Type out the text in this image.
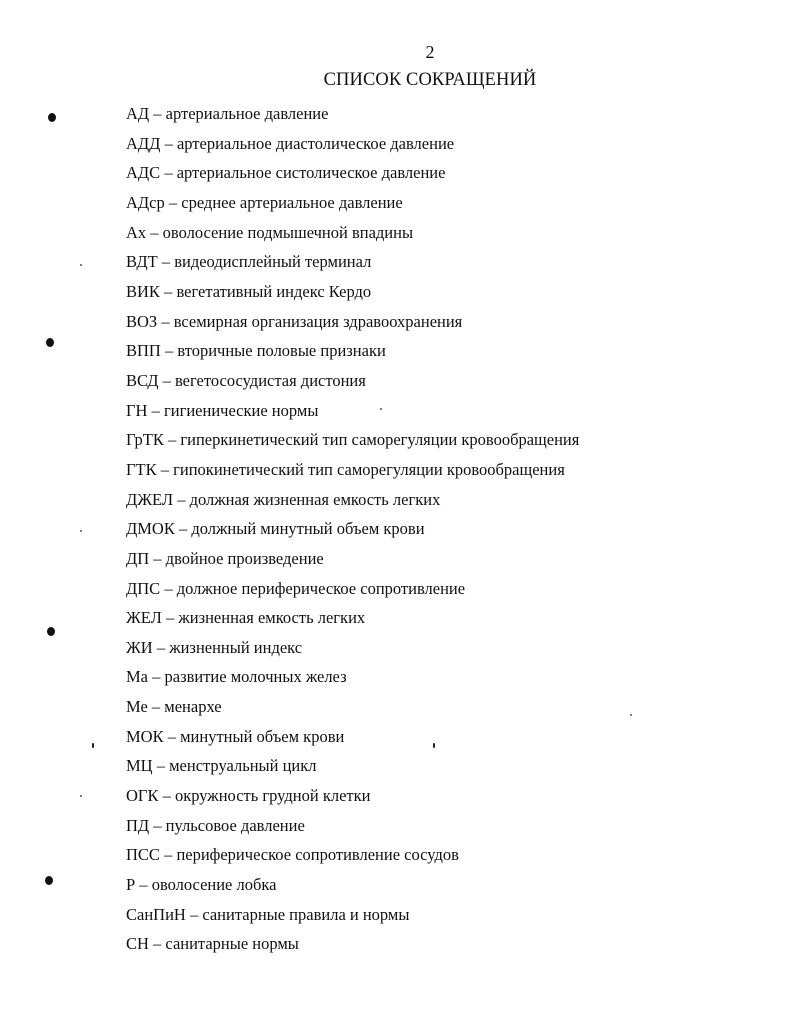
2
СПИСОК СОКРАЩЕНИЙ
АД – артериальное давление
АДД – артериальное диастолическое давление
АДС – артериальное систолическое давление
АДср – среднее артериальное давление
Ах – оволосение подмышечной впадины
ВДТ – видеодисплейный терминал
ВИК – вегетативный индекс Кердо
ВОЗ – всемирная организация здравоохранения
ВПП – вторичные половые признаки
ВСД – вегетососудистая дистония
ГН – гигиенические нормы
ГрТК – гиперкинетический тип саморегуляции кровообращения
ГТК – гипокинетический тип саморегуляции кровообращения
ДЖЕЛ – должная жизненная емкость легких
ДМОК – должный минутный объем крови
ДП – двойное произведение
ДПС – должное периферическое сопротивление
ЖЕЛ – жизненная емкость легких
ЖИ – жизненный индекс
Ма – развитие молочных желез
Ме – менархе
МОК – минутный объем крови
МЦ – менструальный цикл
ОГК – окружность грудной клетки
ПД – пульсовое давление
ПСС – периферическое сопротивление сосудов
Р – оволосение лобка
СанПиН – санитарные правила и нормы
СН – санитарные нормы
